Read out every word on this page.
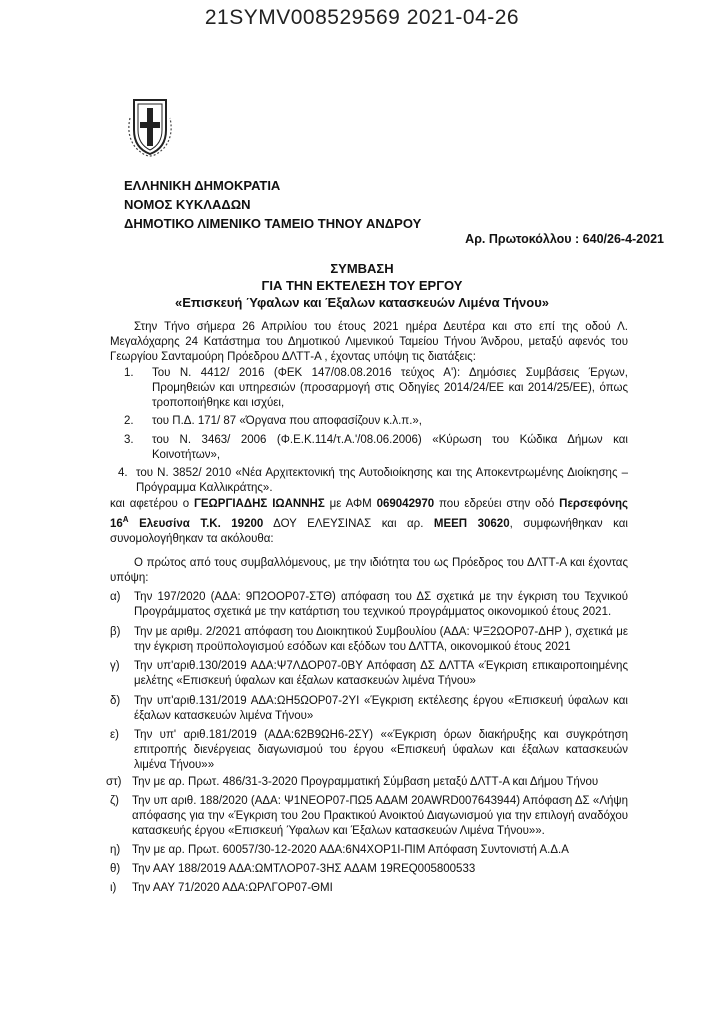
21SYMV008529569 2021-04-26
ΕΛΛΗΝΙΚΗ ΔΗΜΟΚΡΑΤΙΑ
ΝΟΜΟΣ ΚΥΚΛΑΔΩΝ
ΔΗΜΟΤΙΚΟ ΛΙΜΕΝΙΚΟ ΤΑΜΕΙΟ ΤΗΝΟΥ ΑΝΔΡΟΥ
Αρ. Πρωτοκόλλου : 640/26-4-2021
ΣΥΜΒΑΣΗ
ΓΙΑ ΤΗΝ ΕΚΤΕΛΕΣΗ ΤΟΥ ΕΡΓΟΥ
«Επισκευή Ύφαλων και Έξαλων κατασκευών Λιμένα Τήνου»
Στην Τήνο σήμερα 26 Απριλίου του έτους 2021 ημέρα Δευτέρα και στο επί της οδού Λ. Μεγαλόχαρης 24 Κατάστημα του Δημοτικού Λιμενικού Ταμείου Τήνου Άνδρου, μεταξύ αφενός του Γεωργίου Σανταμούρη Πρόεδρου ΔΛΤΤ-Α , έχοντας υπόψη τις διατάξεις:
1. Του Ν. 4412/ 2016 (ΦΕΚ 147/08.08.2016 τεύχος Α'): Δημόσιες Συμβάσεις Έργων, Προμηθειών και υπηρεσιών (προσαρμογή στις Οδηγίες 2014/24/ΕΕ και 2014/25/ΕΕ), όπως τροποποιήθηκε και ισχύει,
2. του Π.Δ. 171/ 87 «Όργανα που αποφασίζουν κ.λ.π.»,
3. του Ν. 3463/ 2006 (Φ.Ε.Κ.114/τ.Α.'/08.06.2006) «Κύρωση του Κώδικα Δήμων και Κοινοτήτων»,
4. του Ν. 3852/ 2010 «Νέα Αρχιτεκτονική της Αυτοδιοίκησης και της Αποκεντρωμένης Διοίκησης – Πρόγραμμα Καλλικράτης».
και αφετέρου ο ΓΕΩΡΓΙΑΔΗΣ ΙΩΑΝΝΗΣ με ΑΦΜ 069042970 που εδρεύει στην οδό Περσεφόνης $16^A$ Ελευσίνα Τ.Κ. 19200 ΔΟΥ ΕΛΕΥΣΙΝΑΣ και αρ. ΜΕΕΠ 30620, συμφωνήθηκαν και συνομολογήθηκαν τα ακόλουθα:
Ο πρώτος από τους συμβαλλόμενους, με την ιδιότητα του ως Πρόεδρος του ΔΛΤΤ-Α και έχοντας υπόψη:
α) Την 197/2020 (ΑΔΑ: 9Π2ΟΟΡ07-ΣΤΘ) απόφαση του ΔΣ σχετικά με την έγκριση του Τεχνικού Προγράμματος σχετικά με την κατάρτιση του τεχνικού προγράμματος οικονομικού έτους 2021.
β) Την με αριθμ. 2/2021 απόφαση του Διοικητικού Συμβουλίου (ΑΔΑ: ΨΞ2ΩΟΡ07-ΔΗΡ ), σχετικά με την έγκριση προϋπολογισμού εσόδων και εξόδων του ΔΛΤΤΑ, οικονομικού έτους 2021
γ) Την υπ'αριθ.130/2019 ΑΔΑ:Ψ7ΛΔΟΡ07-0ΒΥ Απόφαση ΔΣ ΔΛΤΤΑ «Έγκριση επικαιροποιημένης μελέτης «Επισκευή ύφαλων και έξαλων κατασκευών λιμένα Τήνου»
δ) Την υπ'αριθ.131/2019 ΑΔΑ:ΩΗ5ΩΟΡ07-2ΥΙ «Έγκριση εκτέλεσης έργου «Επισκευή ύφαλων και έξαλων κατασκευών λιμένα Τήνου»
ε) Την υπ' αριθ.181/2019 (ΑΔΑ:62Β9ΩΗ6-2ΣΥ) ««Έγκριση όρων διακήρυξης και συγκρότηση επιτροπής διενέργειας διαγωνισμού του έργου «Επισκευή ύφαλων και έξαλων κατασκευών λιμένα Τήνου»»
στ) Την με αρ. Πρωτ. 486/31-3-2020 Προγραμματική Σύμβαση μεταξύ ΔΛΤΤ-Α και Δήμου Τήνου
ζ) Την υπ αριθ. 188/2020 (ΑΔΑ: Ψ1ΝΕΟΡ07-ΠΩ5 ΑΔΑΜ 20AWRD007643944) Απόφαση ΔΣ «Λήψη απόφασης για την «Έγκριση του 2ου Πρακτικού Ανοικτού Διαγωνισμού για την επιλογή αναδόχου κατασκευής έργου «Επισκευή Ύφαλων και Έξαλων κατασκευών Λιμένα Τήνου»».
η) Την με αρ. Πρωτ. 60057/30-12-2020 ΑΔΑ:6Ν4ΧΟΡ1Ι-ΠΙΜ Απόφαση Συντονιστή Α.Δ.Α
θ) Την ΑΑΥ 188/2019 ΑΔΑ:ΩΜΤΛΟΡ07-3ΗΣ ΑΔΑΜ 19REQ005800533
ι) Την ΑΑΥ 71/2020 ΑΔΑ:ΩΡΛΓΟΡ07-ΘΜΙ
